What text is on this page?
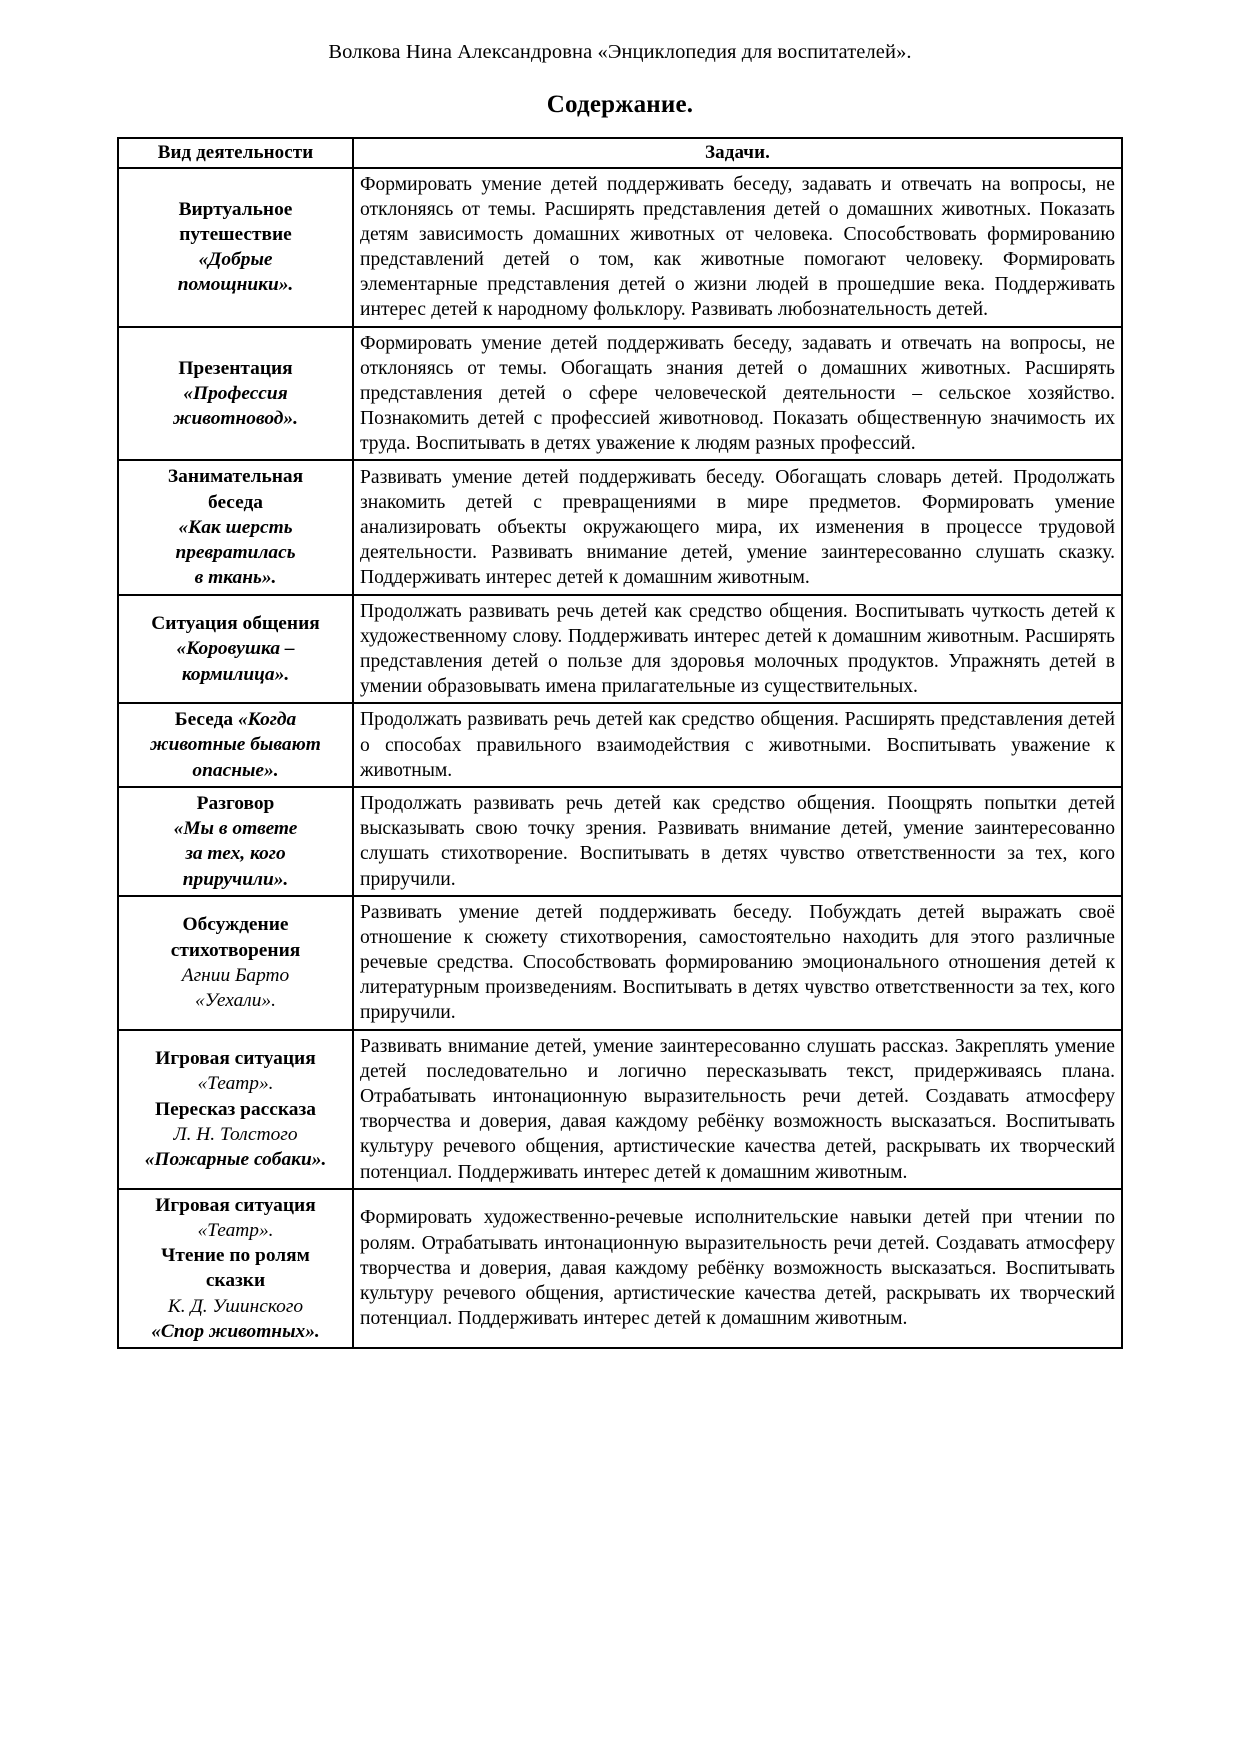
Волкова Нина Александровна «Энциклопедия для воспитателей».
Содержание.
Вид деятельности	Задачи.

Виртуальное
путешествие
«Добрые
помощники».
	Формировать умение детей поддерживать беседу, задавать и отвечать на вопросы, не отклоняясь от темы. Расширять представления детей о домашних животных. Показать детям зависимость домашних животных от человека. Способствовать формированию представлений детей о том, как животные помогают человеку. Формировать элементарные представления детей о жизни людей в прошедшие века. Поддерживать интерес детей к народному фольклору. Развивать любознательность детей.

Презентация
«Профессия
животновод».
	Формировать умение детей поддерживать беседу, задавать и отвечать на вопросы, не отклоняясь от темы. Обогащать знания детей о домашних животных. Расширять представления детей о сфере человеческой деятельности – сельское хозяйство. Познакомить детей с профессией животновод. Показать общественную значимость их труда. Воспитывать в детях уважение к людям разных профессий.

Занимательная
беседа
«Как шерсть
превратилась
в ткань».
	Развивать умение детей поддерживать беседу. Обогащать словарь детей. Продолжать знакомить детей с превращениями в мире предметов. Формировать умение анализировать объекты окружающего мира, их изменения в процессе трудовой деятельности. Развивать внимание детей, умение заинтересованно слушать сказку. Поддерживать интерес детей к домашним животным.

Ситуация общения
«Коровушка –
кормилица».
	Продолжать развивать речь детей как средство общения. Воспитывать чуткость детей к художественному слову. Поддерживать интерес детей к домашним животным. Расширять представления детей о пользе для здоровья молочных продуктов. Упражнять детей в умении образовывать имена прилагательные из существительных.

Беседа «Когда
животные бывают
опасные».	Продолжать развивать речь детей как средство общения. Расширять представления детей о способах правильного взаимодействия с животными. Воспитывать уважение к животным.

Разговор
«Мы в ответе
за тех, кого
приручили».
	Продолжать развивать речь детей как средство общения. Поощрять попытки детей высказывать свою точку зрения. Развивать внимание детей, умение заинтересованно слушать стихотворение. Воспитывать в детях чувство ответственности за тех, кого приручили.

Обсуждение
стихотворения
Агнии Барто
«Уехали».
	Развивать умение детей поддерживать беседу. Побуждать детей выражать своё отношение к сюжету стихотворения, самостоятельно находить для этого различные речевые средства. Способствовать формированию эмоционального отношения детей к литературным произведениям. Воспитывать в детях чувство ответственности за тех, кого приручили.

Игровая ситуация
«Театр».
Пересказ рассказа
Л. Н. Толстого
«Пожарные собаки».
	Развивать внимание детей, умение заинтересованно слушать рассказ. Закреплять умение детей последовательно и логично пересказывать текст, придерживаясь плана. Отрабатывать интонационную выразительность речи детей. Создавать атмосферу творчества и доверия, давая каждому ребёнку возможность высказаться. Воспитывать культуру речевого общения, артистические качества детей, раскрывать их творческий потенциал. Поддерживать интерес детей к домашним животным.

Игровая ситуация
«Театр».
Чтение по ролям
сказки
К. Д. Ушинского
«Спор животных».
	Формировать художественно-речевые исполнительские навыки детей при чтении по ролям. Отрабатывать интонационную выразительность речи детей. Создавать атмосферу творчества и доверия, давая каждому ребёнку возможность высказаться. Воспитывать культуру речевого общения, артистические качества детей, раскрывать их творческий потенциал. Поддерживать интерес детей к домашним животным.
